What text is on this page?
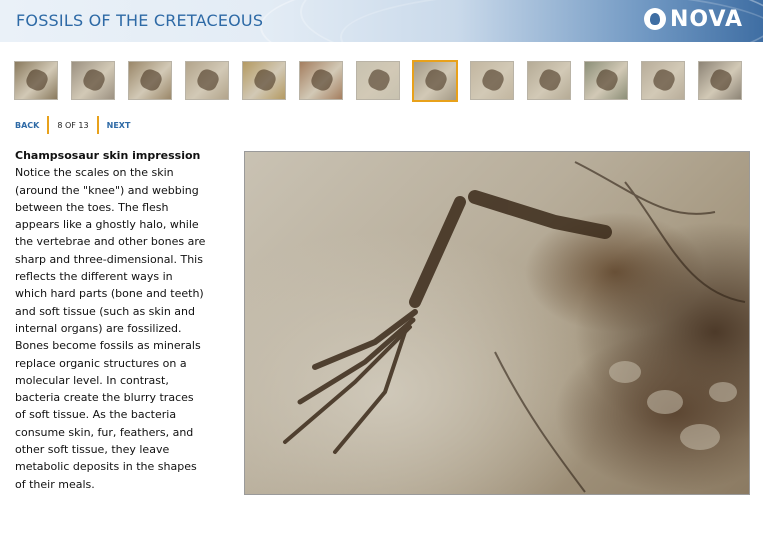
FOSSILS OF THE CRETACEOUS	NOVA
BACK 8 OF 13 NEXT
Champsosaur skin impression

Notice the scales on the skin (around the "knee") and webbing between the toes. The flesh appears like a ghostly halo, while the vertebrae and other bones are sharp and three-dimensional. This reflects the different ways in which hard parts (bone and teeth) and soft tissue (such as skin and internal organs) are fossilized. Bones become fossils as minerals replace organic structures on a molecular level. In contrast, bacteria create the blurry traces of soft tissue. As the bacteria consume skin, fur, feathers, and other soft tissue, they leave metabolic deposits in the shapes of their meals.
